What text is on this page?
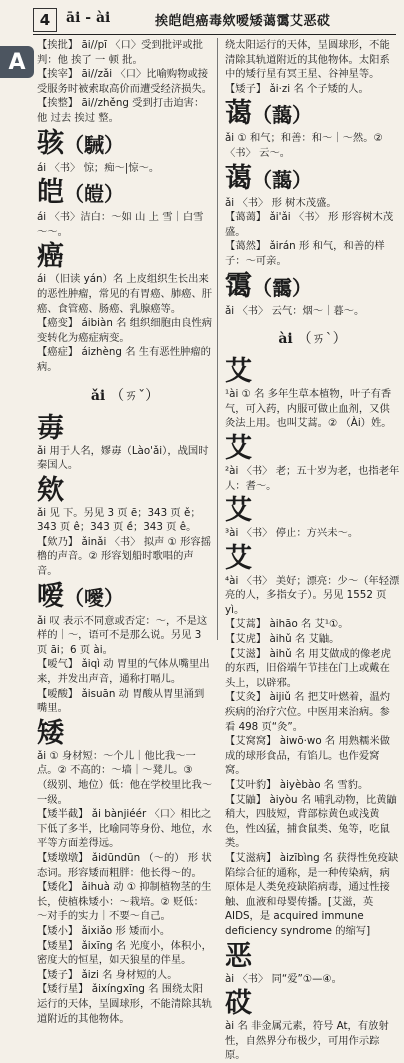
4	āi - ài	挨皑皑癌毒欸嗳矮蔼霭艾恶砹
A
【挨批】 āi//pī 〈口〉受到批评或批判：他 挨了 一 顿 批。
【挨宰】 āi//zǎi 〈口〉比喻购物或接受服务时被索取高价而遭受经济损失。
【挨整】 āi//zhěng 受到打击迫害：他 过去 挨过 整。
骇（駴）
ái 〈书〉 惊；痴～|惊～。
皑（皚）
ái 〈书〉洁白：～如 山 上 雪｜白雪～～。
癌
ái （旧读 yán）名 上皮组织生长出来的恶性肿瘤，常见的有胃癌、肺癌、肝癌、食管癌、肠癌、乳腺癌等。
【癌变】 áibiàn 名 组织细胞由良性病变转化为癌症病变。
【癌症】 áizhèng 名 生有恶性肿瘤的病。
ǎi （ㄞˇ）
毐
ǎi 用于人名，嫪毐（Lào'ǎi），战国时秦国人。
欸
ǎi 见 下。另见 3 页 ē；343 页 ě；343 页 ê；343 页 ề；343 页 ê。
【欸乃】 ǎinǎi 〈书〉 拟声 ① 形容摇橹的声音。② 形容划船时歌唱的声音。
嗳（噯）
ǎi 叹 表示不同意或否定：～，不是这样的｜～，语可不是那么说。另见 3 页 āi；6 页 ài。
【嗳气】 ǎiqì 动 胃里的气体从嘴里出来，并发出声音，通称打嗝儿。
【嗳酸】 ǎisuān 动 胃酸从胃里涌到嘴里。
矮
ǎi ① 身材短：～个儿｜他比我～一点。② 不高的：～墙｜～凳儿。③ （级别、地位）低：他在学校里比我～一级。
【矮半截】 ǎi bànjiéér 〈口〉相比之下低了多半，比喻同等身份、地位，水平等方面差得远。
【矮墩墩】 ǎidūndūn （～的） 形 状态词。形容矮而粗胖：他长得～的。
【矮化】 ǎihuà 动 ① 抑制植物茎的生长，使植株矮小：～栽培。② 贬低：～对手的实力｜不要～自己。
【矮小】 ǎixiǎo 形 矮而小。
【矮星】 ǎixīng 名 光度小，体积小，密度大的恒星，如天狼星的伴星。
【矮子】 ǎizi 名 身材短的人。
【矮行星】 ǎixíngxīng 名 围绕太阳运行的天体，呈圆球形，不能清除其轨道附近的其他物体。
绕太阳运行的天体，呈圆球形，不能清除其轨道附近的其他物体。太阳系中的矮行星有冥王星、谷神星等。
【矮子】 ǎi·zi 名 个子矮的人。
蔼（藹）
ǎi ① 和气；和善：和～｜～然。② 〈书〉 云～。
蔼（藹）
ǎi 〈书〉 形 树木茂盛。
【蔼蔼】 ǎi'ǎi 〈书〉 形 形容树木茂盛。
【蔼然】 ǎirán 形 和气，和善的样子：～可亲。
霭（靄）
ǎi 〈书〉 云气：烟～｜暮～。
ài （ㄞˋ）
艾
¹ài ① 名 多年生草本植物，叶子有香气，可入药，内服可做止血剂，又供灸法上用。也叫艾蒿。② （Ài）姓。
艾
²ài 〈书〉 老；五十岁为老，也指老年人：耆～。
艾
³ài 〈书〉 停止：方兴未～。
艾
⁴ài 〈书〉 美好；漂亮：少～（年轻漂亮的人，多指女子）。另见 1552 页 yì。
【艾蒿】 àihāo 名 艾¹①。
【艾虎】 àihǔ 名 艾鼬。
【艾滋】 àihǔ 名 用艾做成的像老虎的东西，旧俗端午节挂在门上或戴在头上，以辟邪。
【艾灸】 àijiǔ 名 把艾叶燃着，温灼疾病的治疗穴位。中医用来治病。参看 498 页“灸”。
【艾窝窝】 àiwō·wo 名 用熟糯米做成的球形食品，有馅儿。也作爱窝窝。
【艾叶豹】 àiyèbào 名 雪豹。
【艾鼬】 àiyòu 名 哺乳动物，比黄鼬稍大，四肢短，背部棕黄色或浅黄色，性凶猛，捕食鼠类、兔等，吃鼠类。
【艾滋病】 àizībìng 名 获得性免疫缺陷综合征的通称，是一种传染病，病原体是人类免疫缺陷病毒，通过性接触、血液和母婴传播。[艾滋，英 AIDS，是 acquired immune deficiency syndrome 的缩写]
恶
ài 〈书〉 同“爱”①—④。
砹
ài 名 非金属元素，符号 At，有放射性，自然界分布极少，可用作示踪原。
